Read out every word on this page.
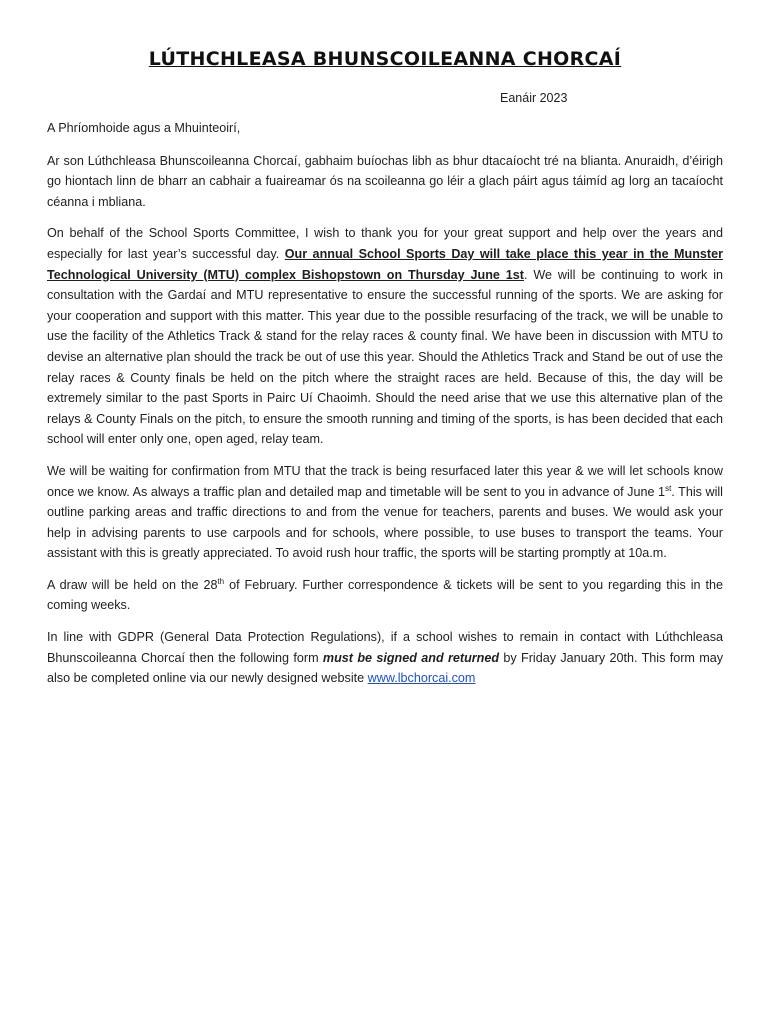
LÚTHCHLEASA BHUNSCOILEANNA CHORCAÍ
Eanáir 2023

A Phríomhoide agus a Mhuinteoirí,

Ar son Lúthchleasa Bhunscoileanna Chorcaí, gabhaim buíochas libh as bhur dtacaíocht tré na blianta. Anuraidh, d’éirigh go hiontach linn de bharr an cabhair a fuaireamar ós na scoileanna go léir a glach páirt agus táimíd ag lorg an tacaíocht céanna i mbliana.

On behalf of the School Sports Committee, I wish to thank you for your great support and help over the years and especially for last year’s successful day. Our annual School Sports Day will take place this year in the Munster Technological University (MTU) complex Bishopstown on Thursday June 1st. We will be continuing to work in consultation with the Gardaí and MTU representative to ensure the successful running of the sports. We are asking for your cooperation and support with this matter. This year due to the possible resurfacing of the track, we will be unable to use the facility of the Athletics Track & stand for the relay races & county final. We have been in discussion with MTU to devise an alternative plan should the track be out of use this year. Should the Athletics Track and Stand be out of use the relay races & County finals be held on the pitch where the straight races are held. Because of this, the day will be extremely similar to the past Sports in Pairc Uí Chaoimh. Should the need arise that we use this alternative plan of the relays & County Finals on the pitch, to ensure the smooth running and timing of the sports, is has been decided that each school will enter only one, open aged, relay team.

We will be waiting for confirmation from MTU that the track is being resurfaced later this year & we will let schools know once we know. As always a traffic plan and detailed map and timetable will be sent to you in advance of June 1st. This will outline parking areas and traffic directions to and from the venue for teachers, parents and buses. We would ask your help in advising parents to use carpools and for schools, where possible, to use buses to transport the teams. Your assistant with this is greatly appreciated. To avoid rush hour traffic, the sports will be starting promptly at 10a.m.

A draw will be held on the 28th of February. Further correspondence & tickets will be sent to you regarding this in the coming weeks.

In line with GDPR (General Data Protection Regulations), if a school wishes to remain in contact with Lúthchleasa Bhunscoileanna Chorcaí then the following form must be signed and returned by Friday January 20th. This form may also be completed online via our newly designed website www.lbchorcai.com
